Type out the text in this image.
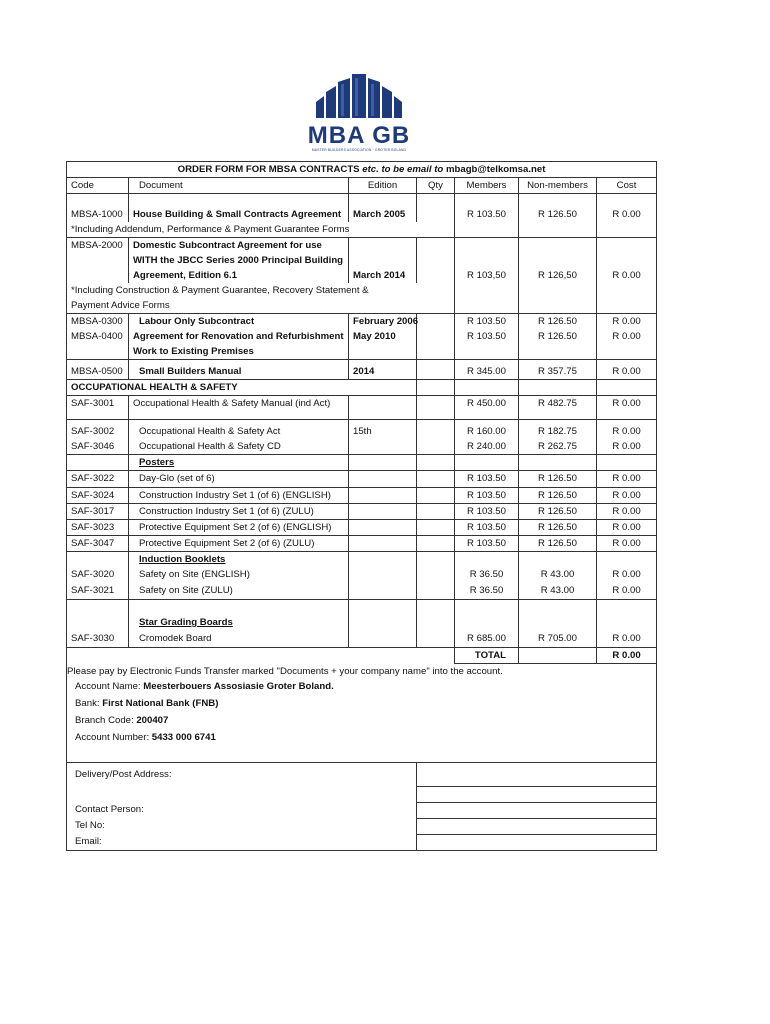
MBA GB
MASTER BUILDERS ASSOCIATION · GROTER BOLAND
ORDER FORM FOR MBSA CONTRACTS etc. to be email to mbagb@telkomsa.net						
Code	Document	Edition	Qty	Members	Non-members	Cost
MBSA-1000	House Building & Small Contracts Agreement	March 2005		R 103.50	R 126.50	R 0.00
*Including Addendum, Performance & Payment Guarantee Forms						
MBSA-2000	Domestic Subcontract Agreement for use					
	WITH the JBCC Series 2000 Principal Building					
	Agreement, Edition 6.1	March 2014		R 103,50	R 126,50	R 0.00
*Including Construction & Payment Guarantee, Recovery Statement &						
Payment Advice Forms						
MBSA-0300	Labour Only Subcontract	February 2006		R 103.50	R 126.50	R 0.00
MBSA-0400	Agreement for Renovation and Refurbishment	May 2010		R 103.50	R 126.50	R 0.00
	Work to Existing Premises					
MBSA-0500	Small Builders Manual	2014		R 345.00	R 357.75	R 0.00
OCCUPATIONAL HEALTH & SAFETY						
SAF-3001	Occupational Health & Safety Manual (ind Act)			R 450.00	R 482.75	R 0.00
SAF-3002	Occupational Health & Safety Act	15th		R 160.00	R 182.75	R 0.00
SAF-3046	Occupational Health & Safety CD			R 240.00	R 262.75	R 0.00
	Posters					
SAF-3022	Day-Glo (set of 6)			R 103.50	R 126.50	R 0.00
SAF-3024	Construction Industry Set 1 (of 6) (ENGLISH)			R 103.50	R 126.50	R 0.00
SAF-3017	Construction Industry Set 1 (of 6) (ZULU)			R 103.50	R 126.50	R 0.00
SAF-3023	Protective Equipment Set 2 (of 6) (ENGLISH)			R 103.50	R 126.50	R 0.00
SAF-3047	Protective Equipment Set 2 (of 6) (ZULU)			R 103.50	R 126.50	R 0.00
	Induction Booklets					
SAF-3020	Safety on Site (ENGLISH)			R 36.50	R 43.00	R 0.00
SAF-3021	Safety on Site (ZULU)			R 36.50	R 43.00	R 0.00

	Star Grading Boards					
SAF-3030	Cromodek Board			R 685.00	R 705.00	R 0.00
				TOTAL		R 0.00
Please pay by Electronic Funds Transfer marked "Documents + your company name" into the account.						
Account Name: Meesterbouers Assosiasie Groter Boland.						
Bank: First National Bank (FNB)						
Branch Code: 200407						
Account Number: 5433 000 6741						

Delivery/Post Address:						

Contact Person:						
Tel No:						
Email:						
